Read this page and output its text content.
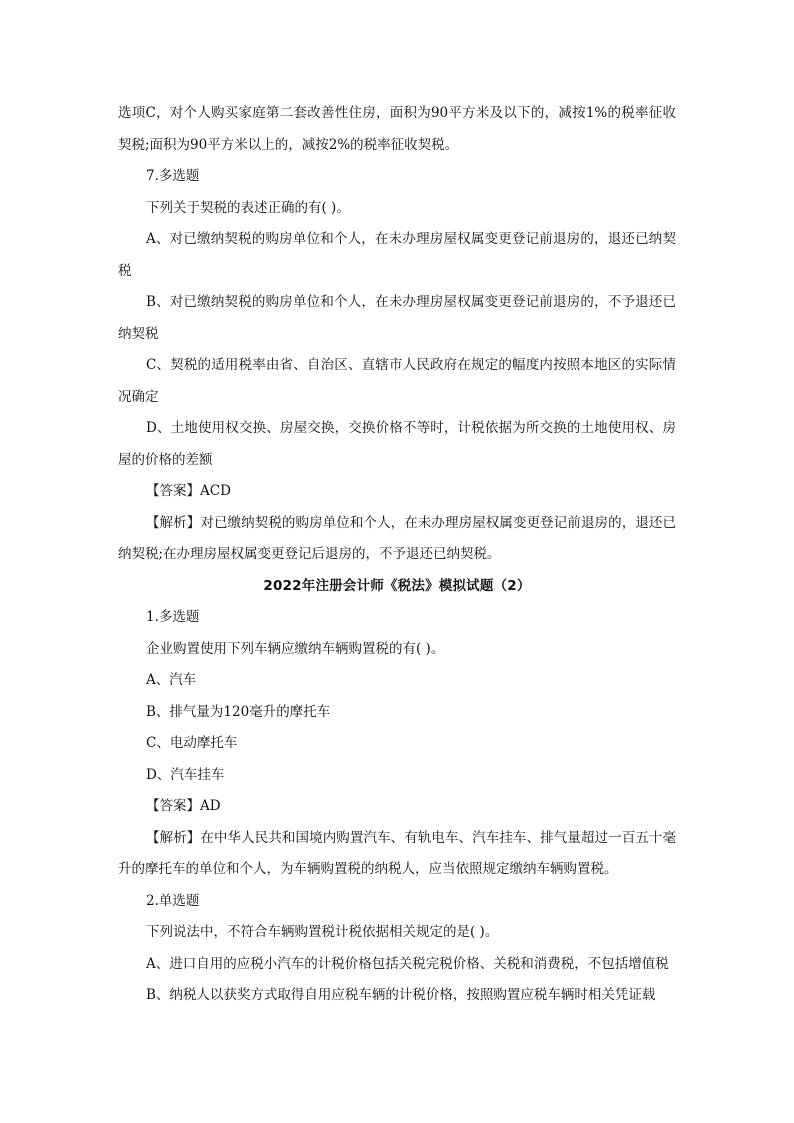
选项C，对个人购买家庭第二套改善性住房，面积为90平方米及以下的，减按1%的税率征收契税;面积为90平方米以上的，减按2%的税率征收契税。

7.多选题

下列关于契税的表述正确的有( )。

A、对已缴纳契税的购房单位和个人，在未办理房屋权属变更登记前退房的，退还已纳契税

B、对已缴纳契税的购房单位和个人，在未办理房屋权属变更登记前退房的，不予退还已纳契税

C、契税的适用税率由省、自治区、直辖市人民政府在规定的幅度内按照本地区的实际情况确定

D、土地使用权交换、房屋交换，交换价格不等时，计税依据为所交换的土地使用权、房屋的价格的差额

【答案】ACD

【解析】对已缴纳契税的购房单位和个人，在未办理房屋权属变更登记前退房的，退还已纳契税;在办理房屋权属变更登记后退房的，不予退还已纳契税。

2022年注册会计师《税法》模拟试题（2）

1.多选题

企业购置使用下列车辆应缴纳车辆购置税的有( )。

A、汽车

B、排气量为120毫升的摩托车

C、电动摩托车

D、汽车挂车

【答案】AD

【解析】在中华人民共和国境内购置汽车、有轨电车、汽车挂车、排气量超过一百五十毫升的摩托车的单位和个人，为车辆购置税的纳税人，应当依照规定缴纳车辆购置税。

2.单选题

下列说法中，不符合车辆购置税计税依据相关规定的是( )。

A、进口自用的应税小汽车的计税价格包括关税完税价格、关税和消费税，不包括增值税

B、纳税人以获奖方式取得自用应税车辆的计税价格，按照购置应税车辆时相关凭证载
